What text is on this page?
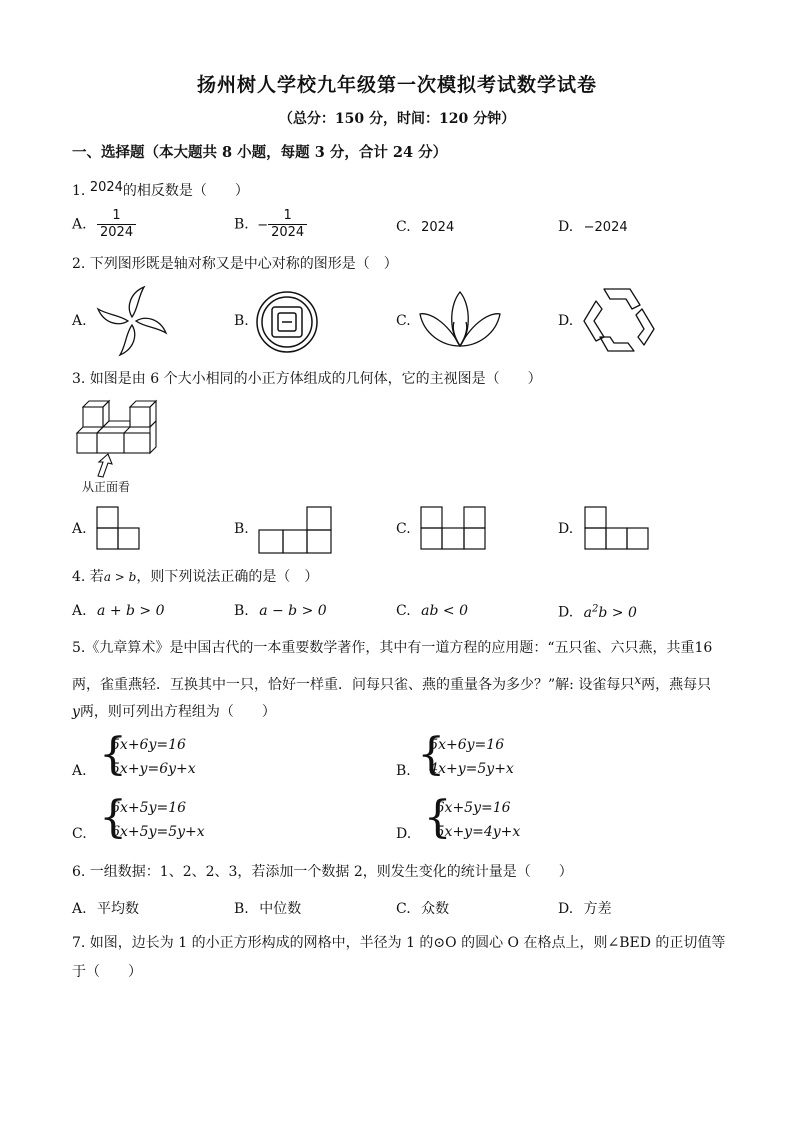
扬州树人学校九年级第一次模拟考试数学试卷
（总分：150 分，时间：120 分钟）
一、选择题（本大题共 8 小题，每题 3 分，合计 24 分）
1. 2024的相反数是（　　）
A. $\frac{1}{2024}$	B. − $\frac{1}{2024}$	C. 2024	D. −2024
2. 下列图形既是轴对称又是中心对称的图形是（　）
A.	B.	C.	D.
3. 如图是由 6 个大小相同的小正方体组成的几何体，它的主视图是（　　）
从正面看
A.	B.	C.	D.
4. 若a > b，则下列说法正确的是（　）
A. a + b > 0	B. a − b > 0	C. ab < 0	D. $a^2b > 0$
5.《九章算术》是中国古代的一本重要数学著作，其中有一道方程的应用题：“五只雀、六只燕，共重16
两，雀重燕轻．互换其中一只，恰好一样重．问每只雀、燕的重量各为多少？”解: 设雀每只x两，燕每只
y两，则可列出方程组为（　　）
A. {
5x+6y=16
5x+y=6y+x	B. {
5x+6y=16
4x+y=5y+x
C. {
6x+5y=16
6x+5y=5y+x	D. {
6x+5y=16
5x+y=4y+x
6. 一组数据：1、2、2、3，若添加一个数据 2，则发生变化的统计量是（　　）
A. 平均数	B. 中位数	C. 众数	D. 方差
7. 如图，边长为 1 的小正方形构成的网格中，半径为 1 的⊙O 的圆心 O 在格点上，则∠BED 的正切值等
于（　　）
